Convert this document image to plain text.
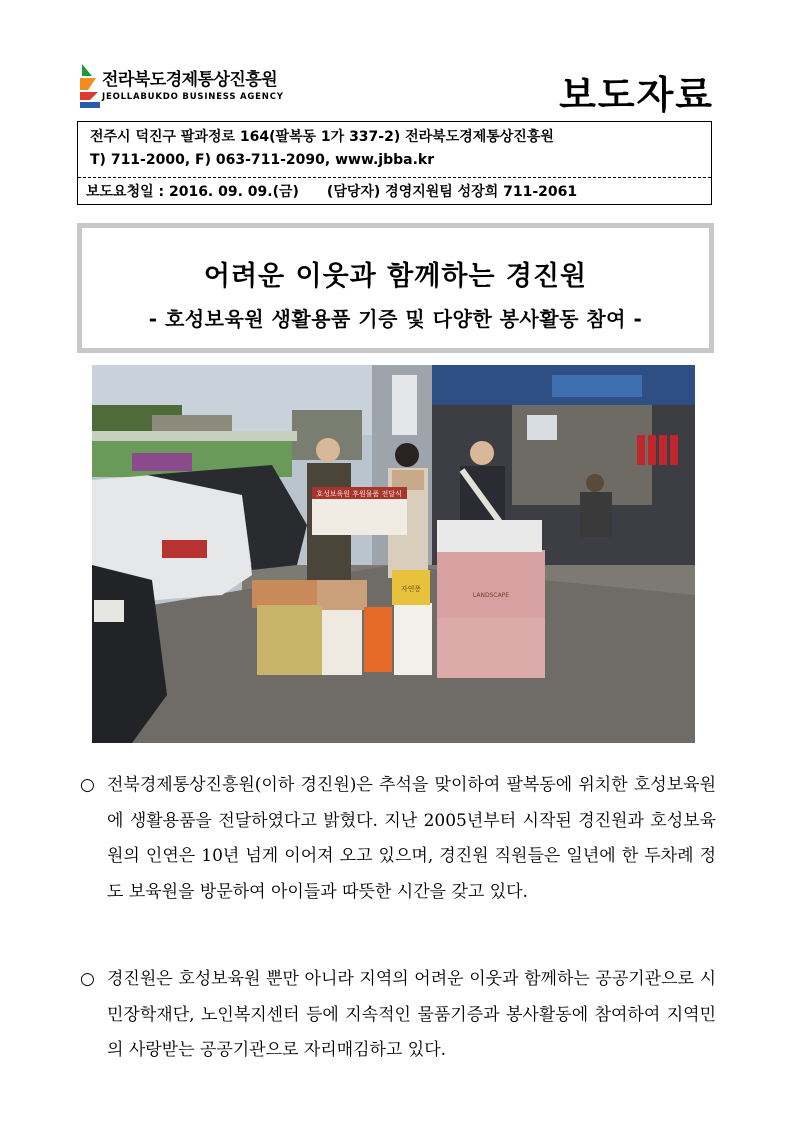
전라북도경제통상진흥원
JEOLLABUKDO BUSINESS AGENCY	보도자료
전주시 덕진구 팔과정로 164(팔복동 1가 337-2) 전라북도경제통상진흥원
T) 711-2000, F) 063-711-2090, www.jbba.kr
보도요청일 : 2016. 09. 09.(금) (담당자) 경영지원팀 성장희 711-2061
어려운 이웃과 함께하는 경진원
- 호성보육원 생활용품 기증 및 다양한 봉사활동 참여 -
호성보육원 후원물품 전달식
LANDSCAPE
자연퐁
○ 전북경제통상진흥원(이하 경진원)은 추석을 맞이하여 팔복동에 위치한 호성보육원에 생활용품을 전달하였다고 밝혔다. 지난 2005년부터 시작된 경진원과 호성보육원의 인연은 10년 넘게 이어져 오고 있으며, 경진원 직원들은 일년에 한 두차례 정도 보육원을 방문하여 아이들과 따뜻한 시간을 갖고 있다.
○ 경진원은 호성보육원 뿐만 아니라 지역의 어려운 이웃과 함께하는 공공기관으로 시민장학재단, 노인복지센터 등에 지속적인 물품기증과 봉사활동에 참여하여 지역민의 사랑받는 공공기관으로 자리매김하고 있다.
